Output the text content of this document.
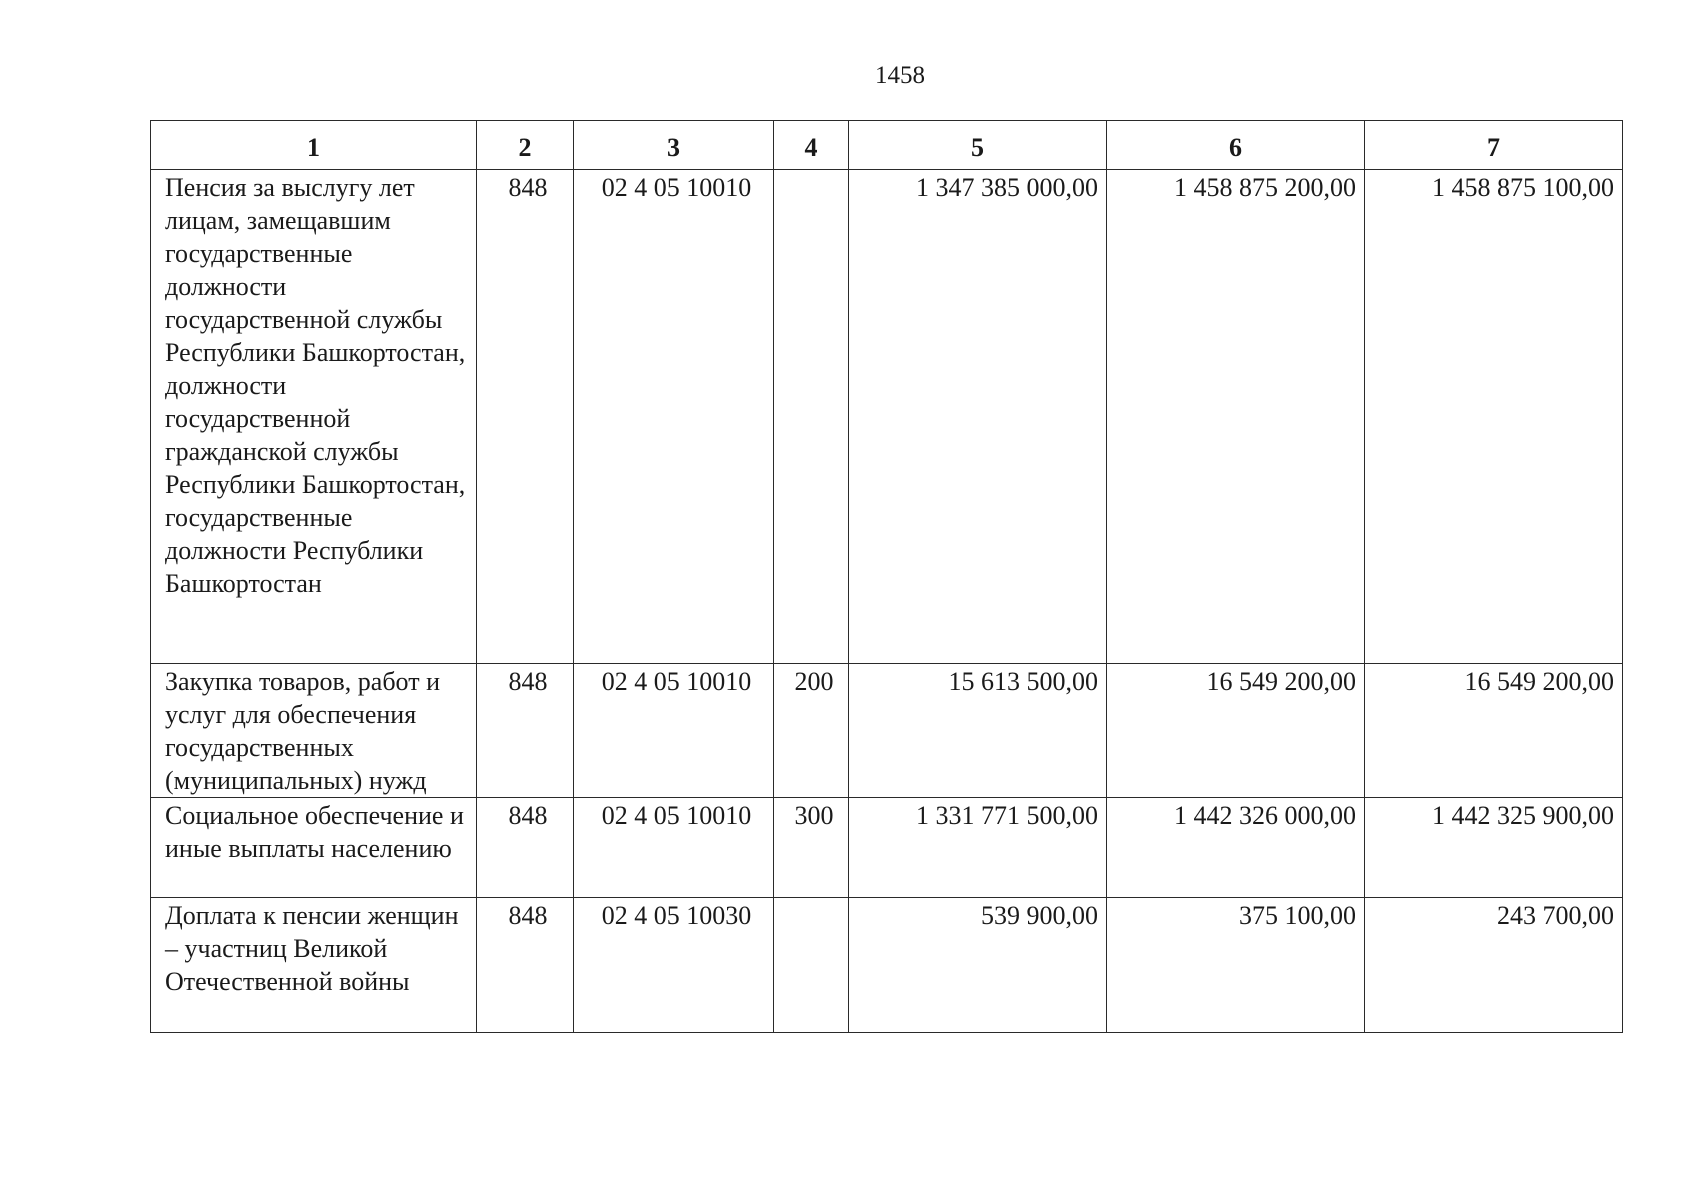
1458
1	2	3	4	5	6	7
Пенсия за выслугу лет лицам, замещавшим государственные должности государственной службы Республики Башкортостан, должности государственной гражданской службы Республики Башкортостан, государственные должности Республики Башкортостан	848	02 4 05 10010		1 347 385 000,00	1 458 875 200,00	1 458 875 100,00
Закупка товаров, работ и услуг для обеспечения государственных (муниципальных) нужд	848	02 4 05 10010	200	15 613 500,00	16 549 200,00	16 549 200,00
Социальное обеспечение и иные выплаты населению	848	02 4 05 10010	300	1 331 771 500,00	1 442 326 000,00	1 442 325 900,00
Доплата к пенсии женщин – участниц Великой Отечественной войны	848	02 4 05 10030		539 900,00	375 100,00	243 700,00
